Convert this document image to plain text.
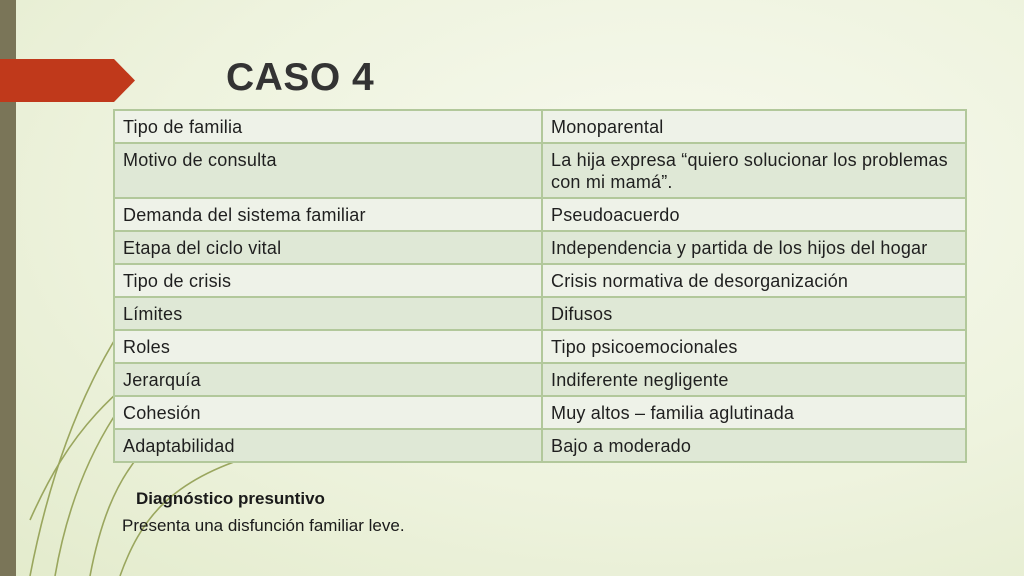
CASO 4
Tipo de familia	Monoparental
Motivo de consulta	La hija expresa “quiero solucionar los problemas con mi mamá”.
Demanda del sistema familiar	Pseudoacuerdo
Etapa del ciclo vital	Independencia y partida de los hijos del hogar
Tipo de crisis	Crisis normativa de desorganización
Límites	Difusos
Roles	Tipo psicoemocionales
Jerarquía	Indiferente negligente
Cohesión	Muy altos – familia aglutinada
Adaptabilidad	Bajo a moderado

Diagnóstico presuntivo

Presenta una disfunción familiar leve.
